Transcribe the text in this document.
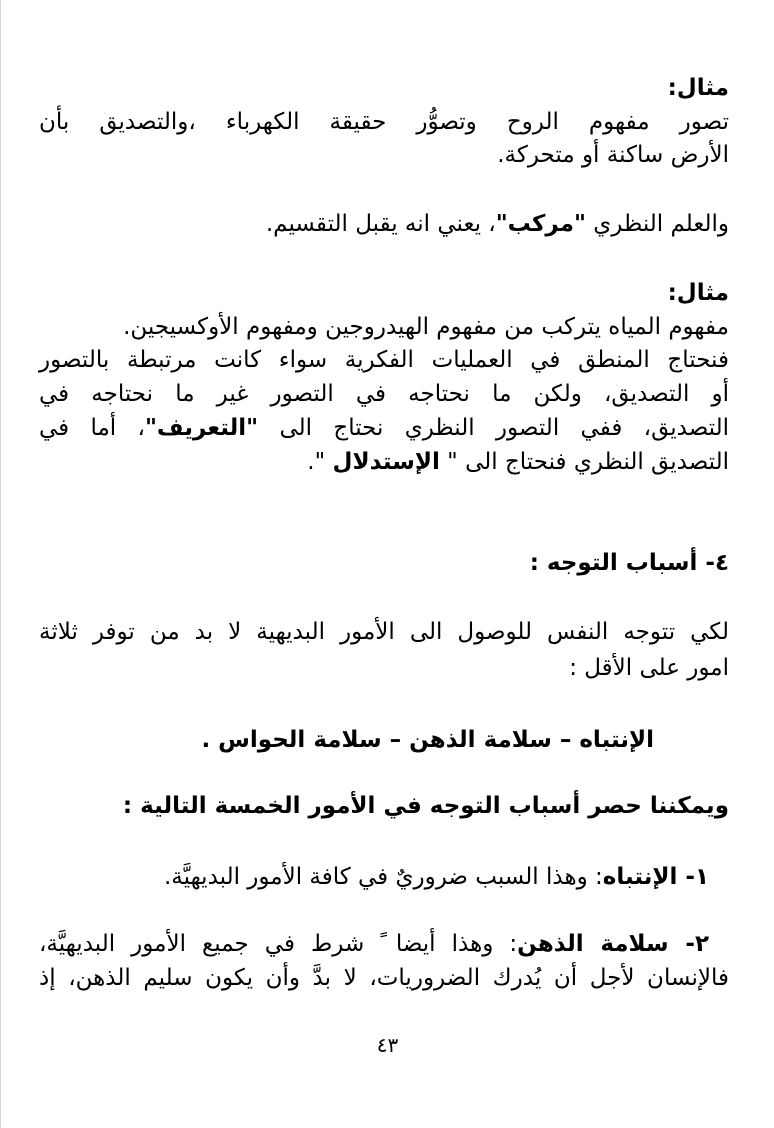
مثال:
تصور مفهوم الروح وتصوُّر حقيقة الكهرباء ،والتصديق بأن
الأرض ساكنة أو متحركة.
والعلم النظري "مركب"، يعني انه يقبل التقسيم.
مثال:
مفهوم المياه يتركب من مفهوم الهيدروجين ومفهوم الأوكسيجين.
فنحتاج المنطق في العمليات الفكرية سواء كانت مرتبطة بالتصور
أو التصديق، ولكن ما نحتاجه في التصور غير ما نحتاجه في
التصديق، ففي التصور النظري نحتاج الى "التعريف"، أما في
التصديق النظري فنحتاج الى " الإستدلال ".
٤- أسباب التوجه :
لكي تتوجه النفس للوصول الى الأمور البديهية لا بد من توفر ثلاثة
امور على الأقل :
الإنتباه – سلامة الذهن – سلامة الحواس .
ويمكننا حصر أسباب التوجه في الأمور الخمسة التالية :
١- الإنتباه: وهذا السبب ضروريٌ في كافة الأمور البديهيَّة.
٢- سلامة الذهن: وهذا أيضا ً شرط في جميع الأمور البديهيَّة،
فالإنسان لأجل أن يُدرك الضروريات، لا بدَّ وأن يكون سليم الذهن، إذ
٤٣
